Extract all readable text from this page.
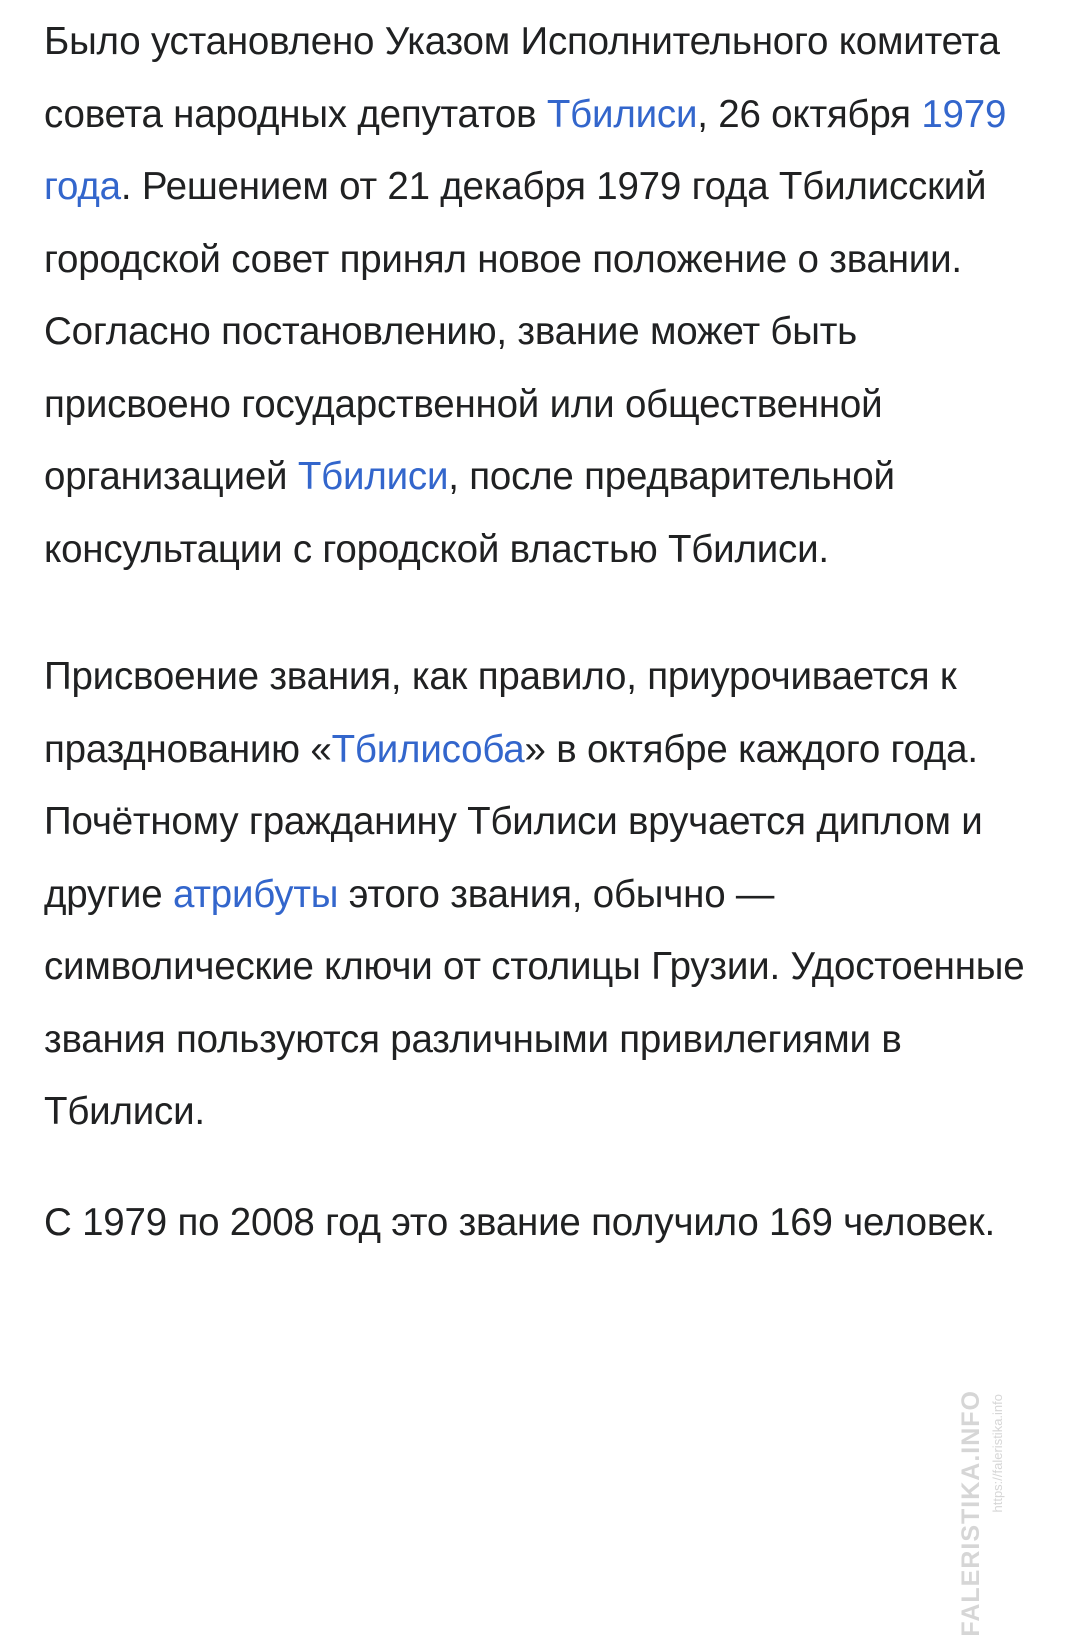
Было установлено Указом Исполнительного комитета совета народных депутатов Тбилиси, 26 октября 1979 года. Решением от 21 декабря 1979 года Тбилисский городской совет принял новое положение о звании. Согласно постановлению, звание может быть присвоено государственной или общественной организацией Тбилиси, после предварительной консультации с городской властью Тбилиси.

Присвоение звания, как правило, приурочивается к празднованию «Тбилисоба» в октябре каждого года. Почётному гражданину Тбилиси вручается диплом и другие атрибуты этого звания, обычно — символические ключи от столицы Грузии. Удостоенные звания пользуются различными привилегиями в Тбилиси.

С 1979 по 2008 год это звание получило 169 человек.

FALERISTIKA.INFO https://faleristika.info
